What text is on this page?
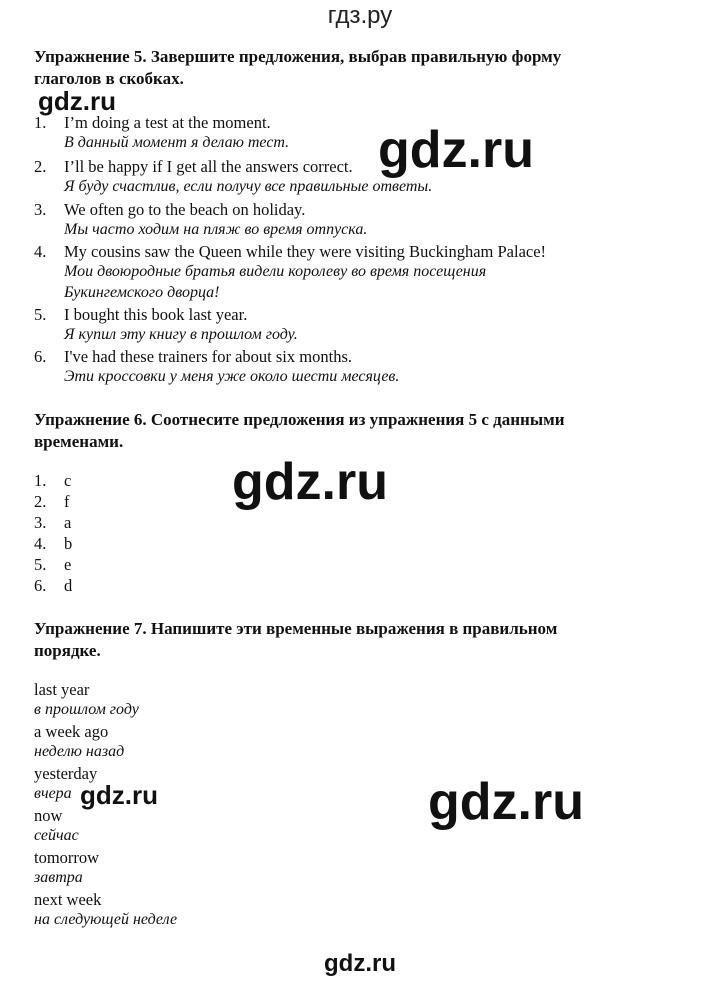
гдз.ру
Упражнение 5. Завершите предложения, выбрав правильную форму
глаголов в скобках.
1. I’m doing a test at the moment.
В данный момент я делаю тест.
2. I’ll be happy if I get all the answers correct.
Я буду счастлив, если получу все правильные ответы.
3. We often go to the beach on holiday.
Мы часто ходим на пляж во время отпуска.
4. My cousins saw the Queen while they were visiting Buckingham Palace!
Мои двоюродные братья видели королеву во время посещения
Букингемского дворца!
5. I bought this book last year.
Я купил эту книгу в прошлом году.
6. I've had these trainers for about six months.
Эти кроссовки у меня уже около шести месяцев.
Упражнение 6. Соотнесите предложения из упражнения 5 с данными
временами.
1. c
2. f
3. a
4. b
5. e
6. d
Упражнение 7. Напишите эти временные выражения в правильном
порядке.
last year
в прошлом году
a week ago
неделю назад
yesterday
вчера
now
сейчас
tomorrow
завтра
next week
на следующей неделе
gdz.ru
gdz.ru
gdz.ru
gdz.ru	gdz.ru
gdz.ru
